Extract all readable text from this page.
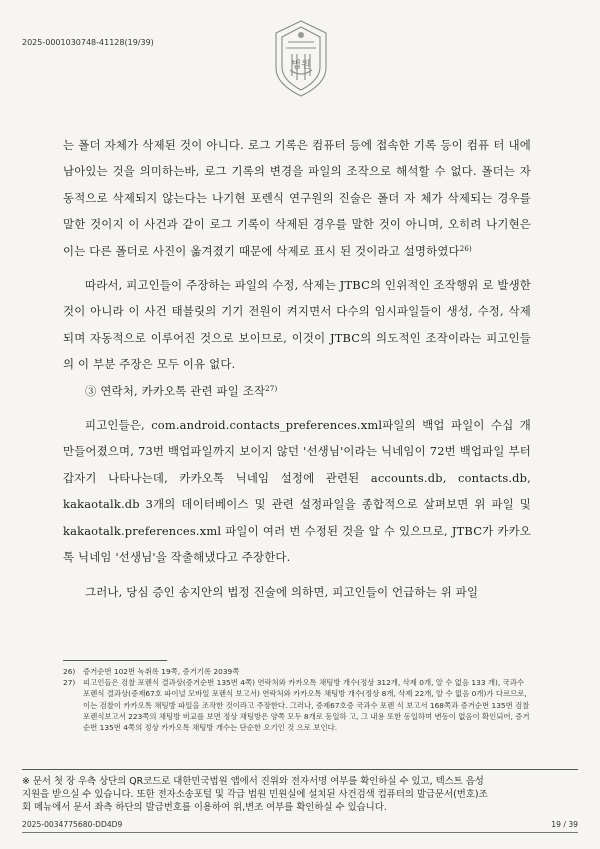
2025-0001030748-41128(19/39)
법원

는 폴더 자체가 삭제된 것이 아니다. 로그 기록은 컴퓨터 등에 접속한 기록 등이 컴퓨 터 내에 남아있는 것을 의미하는바, 로그 기록의 변경을 파일의 조작으로 해석할 수 없다. 폴더는 자동적으로 삭제되지 않는다는 나기현 포렌식 연구원의 진술은 폴더 자 체가 삭제되는 경우를 말한 것이지 이 사건과 같이 로그 기록이 삭제된 경우를 말한 것이 아니며, 오히려 나기현은 이는 다른 폴더로 사진이 옮겨졌기 때문에 삭제로 표시 된 것이라고 설명하였다$^{26)}$

따라서, 피고인들이 주장하는 파일의 수정, 삭제는 JTBC의 인위적인 조작행위 로 발생한 것이 아니라 이 사건 태블릿의 기기 전원이 켜지면서 다수의 임시파일들이 생성, 수정, 삭제되며 자동적으로 이루어진 것으로 보이므로, 이것이 JTBC의 의도적인 조작이라는 피고인들의 이 부분 주장은 모두 이유 없다.

③ 연락처, 카카오톡 관련 파일 조작$^{27)}$

피고인들은, com.android.contacts_preferences.xml파일의 백업 파일이 수십 개 만들어졌으며, 73번 백업파일까지 보이지 않던 '선생님'이라는 닉네임이 72번 백업파일 부터 갑자기 나타나는데, 카카오톡 닉네임 설정에 관련된 accounts.db, contacts.db, kakaotalk.db 3개의 데이터베이스 및 관련 설정파일을 종합적으로 살펴보면 위 파일 및 kakaotalk.preferences.xml 파일이 여러 번 수정된 것을 알 수 있으므로, JTBC가 카카오톡 닉네임 '선생님'을 작출해냈다고 주장한다.

그러나, 당심 증인 송지안의 법정 진술에 의하면, 피고인들이 언급하는 위 파일

26)	증거순번 102번 녹취록 19쪽, 증거기록 2039쪽
27)	피고인들은 검찰 포렌식 결과상(증거순번 135번 4쪽) 연락처와 카카오톡 채팅방 개수(정상 312개, 삭제 0개, 알 수 없음 133 개), 국과수 포렌식 결과상(증제67호 파이널 모바일 포렌식 보고서) 연락처와 카카오톡 채팅방 개수(정상 8개, 삭제 22개, 알 수 없음 0개)가 다르므로, 이는 검찰이 카카오톡 채팅방 파일을 조작한 것이라고 주장한다. 그러나, 증제67호증 국과수 포렌 식 보고서 168쪽과 증거순번 135번 검찰 포렌식보고서 223쪽의 채팅방 비교를 보면 정상 채팅방은 양쪽 모두 8개로 동일하 고, 그 내용 또한 동일하며 변동이 없음이 확인되어, 증거순번 135번 4쪽의 정상 카카오톡 채팅방 개수는 단순한 오기인 것 으로 보인다.
※ 문서 첫 장 우측 상단의 QR코드로 대한민국법원 앱에서 진위와 전자서명 여부를 확인하실 수 있고, 텍스트 음성
지원을 받으실 수 있습니다. 또한 전자소송포털 및 각급 법원 민원실에 설치된 사건검색 컴퓨터의 발급문서(번호)조
회 메뉴에서 문서 좌측 하단의 발급번호를 이용하여 위,변조 여부를 확인하실 수 있습니다.
2025-0034775680-DD4D9	19 / 39
